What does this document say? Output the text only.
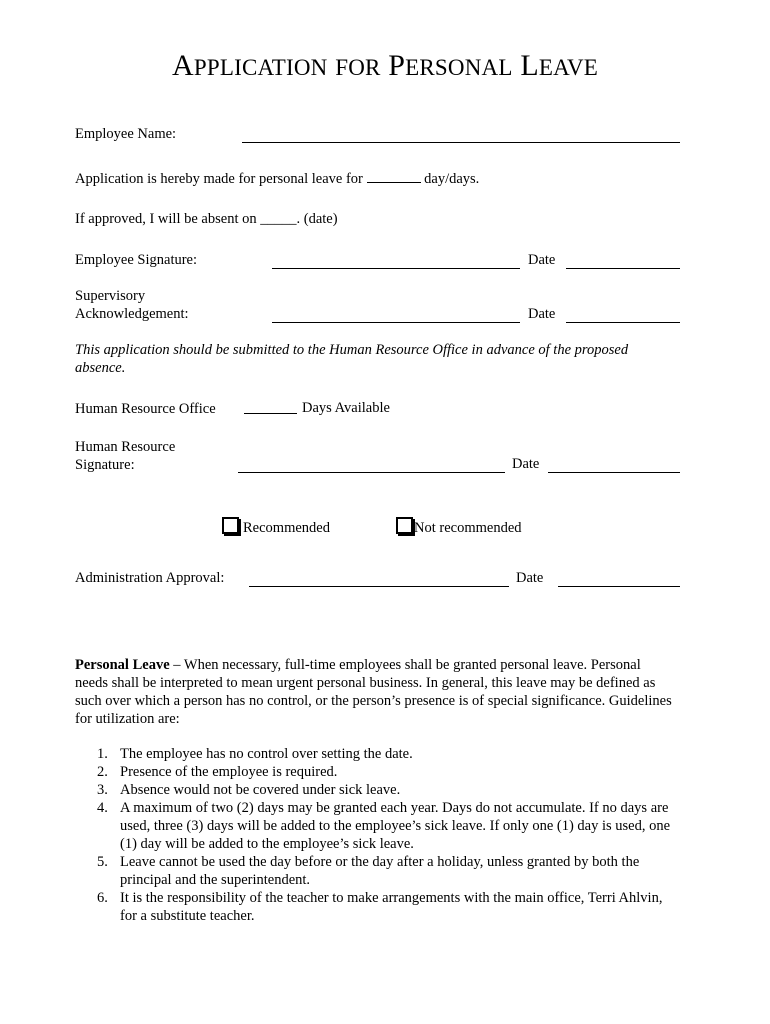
APPLICATION FOR PERSONAL LEAVE
Employee Name:
Application is hereby made for personal leave for	day/days.
If approved, I will be absent on _____. (date)
Employee Signature:	Date
Supervisory
Acknowledgement:	Date
This application should be submitted to the Human Resource Office in advance of the proposed absence.
Human Resource Office	Days Available
Human Resource
Signature:	Date
Recommended	Not recommended
Administration Approval:	Date
Personal Leave – When necessary, full-time employees shall be granted personal leave. Personal needs shall be interpreted to mean urgent personal business. In general, this leave may be defined as such over which a person has no control, or the person’s presence is of special significance. Guidelines for utilization are:
1. The employee has no control over setting the date.
2. Presence of the employee is required.
3. Absence would not be covered under sick leave.
4. A maximum of two (2) days may be granted each year. Days do not accumulate. If no days are used, three (3) days will be added to the employee’s sick leave. If only one (1) day is used, one (1) day will be added to the employee’s sick leave.
5. Leave cannot be used the day before or the day after a holiday, unless granted by both the principal and the superintendent.
6. It is the responsibility of the teacher to make arrangements with the main office, Terri Ahlvin, for a substitute teacher.
